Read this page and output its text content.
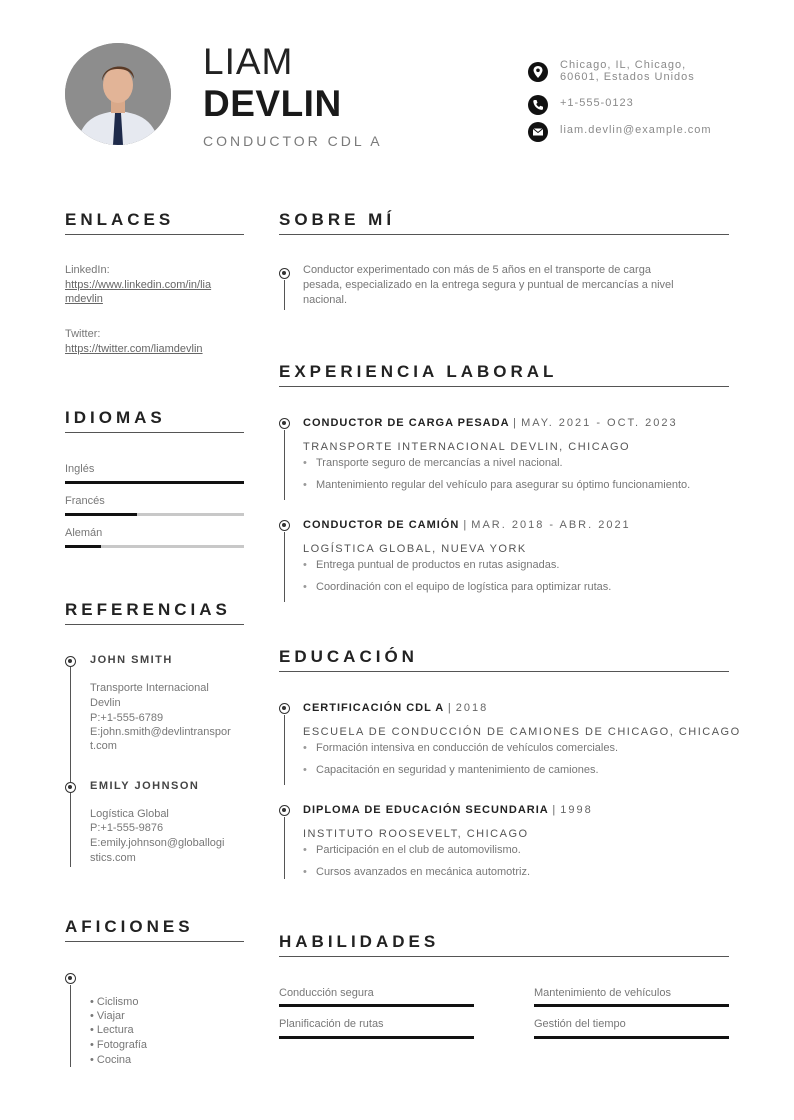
LIAM
DEVLIN
CONDUCTOR CDL A
Chicago, IL, Chicago,
60601, Estados Unidos
+1-555-0123
liam.devlin@example.com
ENLACES
LinkedIn:
https://www.linkedin.com/in/lia
mdevlin
Twitter:
https://twitter.com/liamdevlin
IDIOMAS
Inglés
Francés
Alemán
REFERENCIAS
JOHN SMITH
Transporte Internacional
Devlin
P:+1-555-6789
E:john.smith@devlintranspor
t.com
EMILY JOHNSON
Logística Global
P:+1-555-9876
E:emily.johnson@globallogi
stics.com
AFICIONES
• Ciclismo
• Viajar
• Lectura
• Fotografía
• Cocina
SOBRE MÍ
Conductor experimentado con más de 5 años en el transporte de carga
pesada, especializado en la entrega segura y puntual de mercancías a nivel
nacional.
EXPERIENCIA LABORAL
CONDUCTOR DE CARGA PESADA | MAY. 2021 - OCT. 2023
TRANSPORTE INTERNACIONAL DEVLIN, CHICAGO
• Transporte seguro de mercancías a nivel nacional.
• Mantenimiento regular del vehículo para asegurar su óptimo funcionamiento.
CONDUCTOR DE CAMIÓN | MAR. 2018 - ABR. 2021
LOGÍSTICA GLOBAL, NUEVA YORK
• Entrega puntual de productos en rutas asignadas.
• Coordinación con el equipo de logística para optimizar rutas.
EDUCACIÓN
CERTIFICACIÓN CDL A | 2018
ESCUELA DE CONDUCCIÓN DE CAMIONES DE CHICAGO, CHICAGO
• Formación intensiva en conducción de vehículos comerciales.
• Capacitación en seguridad y mantenimiento de camiones.
DIPLOMA DE EDUCACIÓN SECUNDARIA | 1998
INSTITUTO ROOSEVELT, CHICAGO
• Participación en el club de automovilismo.
• Cursos avanzados en mecánica automotriz.
HABILIDADES
Conducción segura	Mantenimiento de vehículos
Planificación de rutas	Gestión del tiempo
